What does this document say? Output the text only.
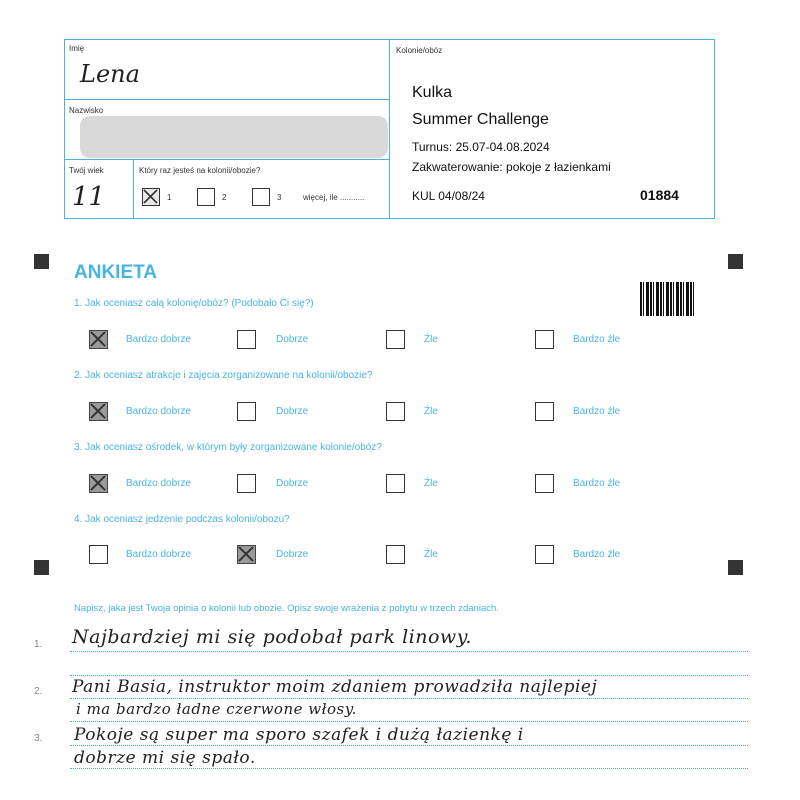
Imię
Lena
Nazwisko
Twój wiek
11
Który raz jesteś na kolonii/obozie?
1	2	3	więcej, ile ...........
Kolonie/obóz
Kulka
Summer Challenge
Turnus: 25.07-04.08.2024
Zakwaterowanie: pokoje z łazienkami
KUL 04/08/24	01884
ANKIETA
1. Jak oceniasz całą kolonię/obóz? (Podobało Ci się?)
Bardzo dobrze	Dobrze	Źle	Bardzo źle
2. Jak oceniasz atrakcje i zajęcia zorganizowane na kolonii/obozie?
Bardzo dobrze	Dobrze	Źle	Bardzo źle
3. Jak oceniasz ośrodek, w którym były zorganizowane kolonie/obóz?
Bardzo dobrze	Dobrze	Źle	Bardzo źle
4. Jak oceniasz jedzenie podczas kolonii/obozu?
Bardzo dobrze	Dobrze	Źle	Bardzo źle
Napisz, jaka jest Twoja opinia o kolonii lub obozie. Opisz swoje wrażenia z pobytu w trzech zdaniach.
1.
2.
3.
Najbardziej mi się podobał park linowy.
Pani Basia, instruktor moim zdaniem prowadziła najlepiej
i ma bardzo ładne czerwone włosy.
Pokoje są super ma sporo szafek i dużą łazienkę i
dobrze mi się spało.
